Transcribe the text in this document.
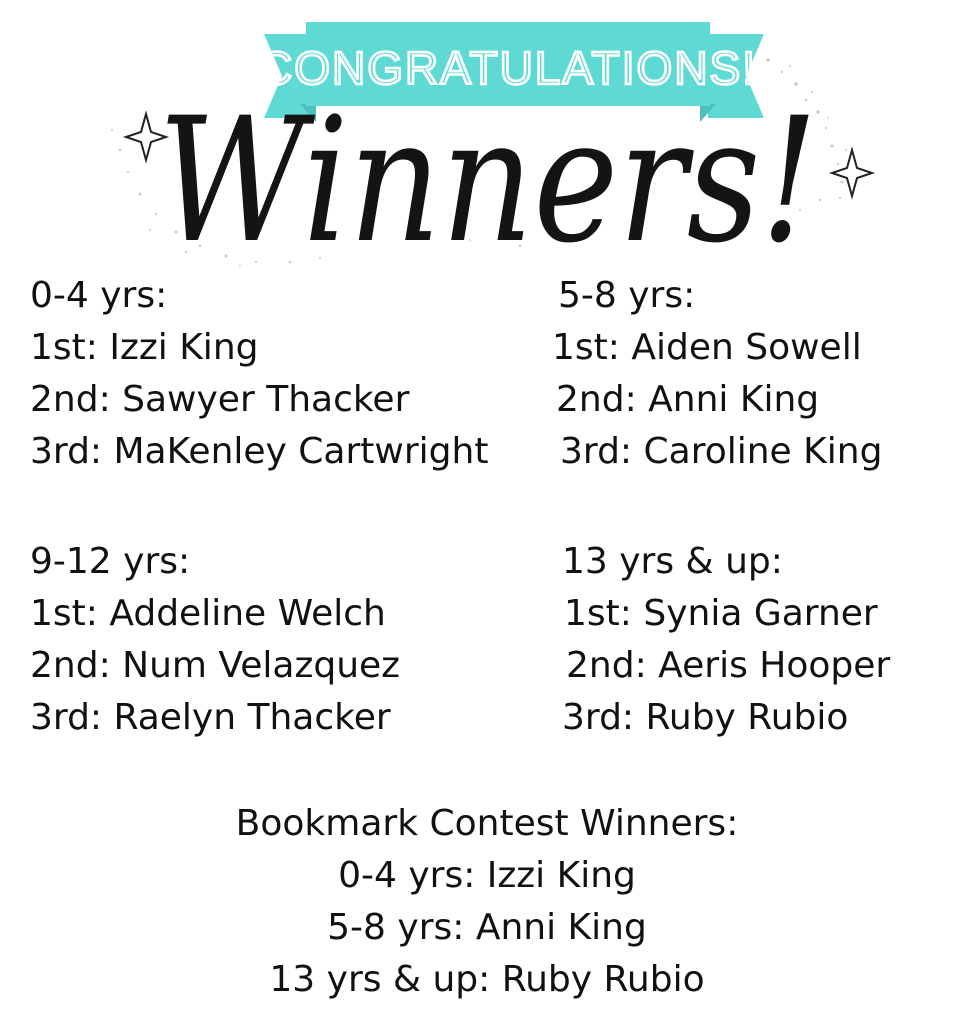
CONGRATULATIONS!
Winners!
0-4 yrs:
1st: Izzi King
2nd: Sawyer Thacker
3rd: MaKenley Cartwright
5-8 yrs:
1st: Aiden Sowell
2nd: Anni King
3rd: Caroline King
9-12 yrs:
1st: Addeline Welch
2nd: Num Velazquez
3rd: Raelyn Thacker
13 yrs & up:
1st: Synia Garner
2nd: Aeris Hooper
3rd: Ruby Rubio
Bookmark Contest Winners:
0-4 yrs: Izzi King
5-8 yrs: Anni King
13 yrs & up: Ruby Rubio
